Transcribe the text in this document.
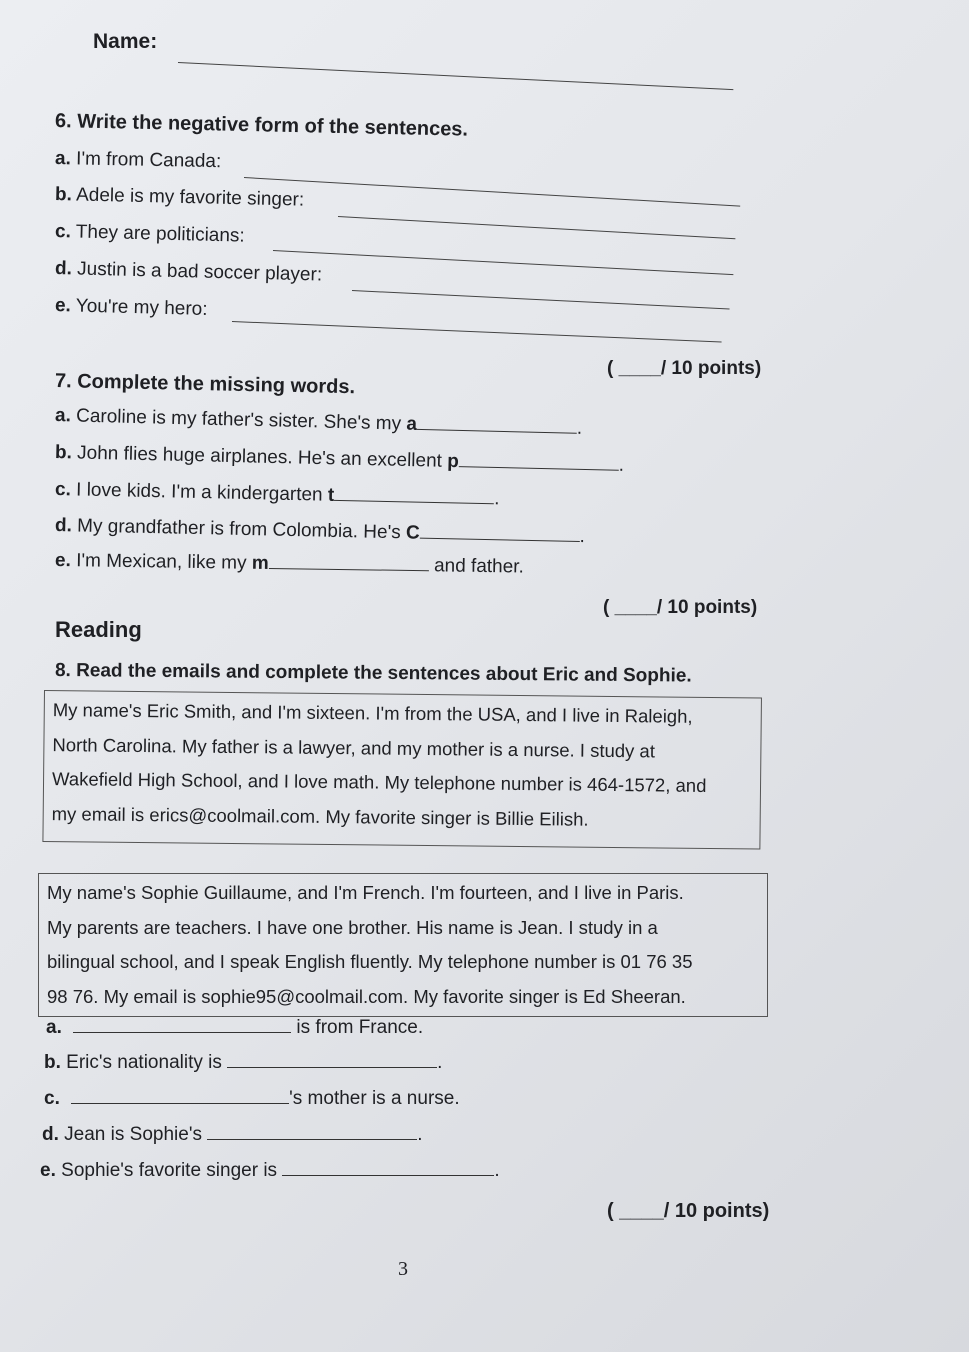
Name:
6. Write the negative form of the sentences.
a. I'm from Canada:
b. Adele is my favorite singer:
c. They are politicians:
d. Justin is a bad soccer player:
e. You're my hero:
( ____/ 10 points)
7. Complete the missing words.
a. Caroline is my father's sister. She's my a	.
b. John flies huge airplanes. He's an excellent p	.
c. I love kids. I'm a kindergarten t	.
d. My grandfather is from Colombia. He's C	.
e. I'm Mexican, like my m	and father.
( ____/ 10 points)
Reading
8. Read the emails and complete the sentences about Eric and Sophie.
My name's Eric Smith, and I'm sixteen. I'm from the USA, and I live in Raleigh,
North Carolina. My father is a lawyer, and my mother is a nurse. I study at
Wakefield High School, and I love math. My telephone number is 464-1572, and
my email is erics@coolmail.com. My favorite singer is Billie Eilish.
My name's Sophie Guillaume, and I'm French. I'm fourteen, and I live in Paris.
My parents are teachers. I have one brother. His name is Jean. I study in a
bilingual school, and I speak English fluently. My telephone number is 01 76 35
98 76. My email is sophie95@coolmail.com. My favorite singer is Ed Sheeran.
a.	is from France.
b. Eric's nationality is	.
c.	's mother is a nurse.
d. Jean is Sophie's	.
e. Sophie's favorite singer is	.
( ____/ 10 points)
3
